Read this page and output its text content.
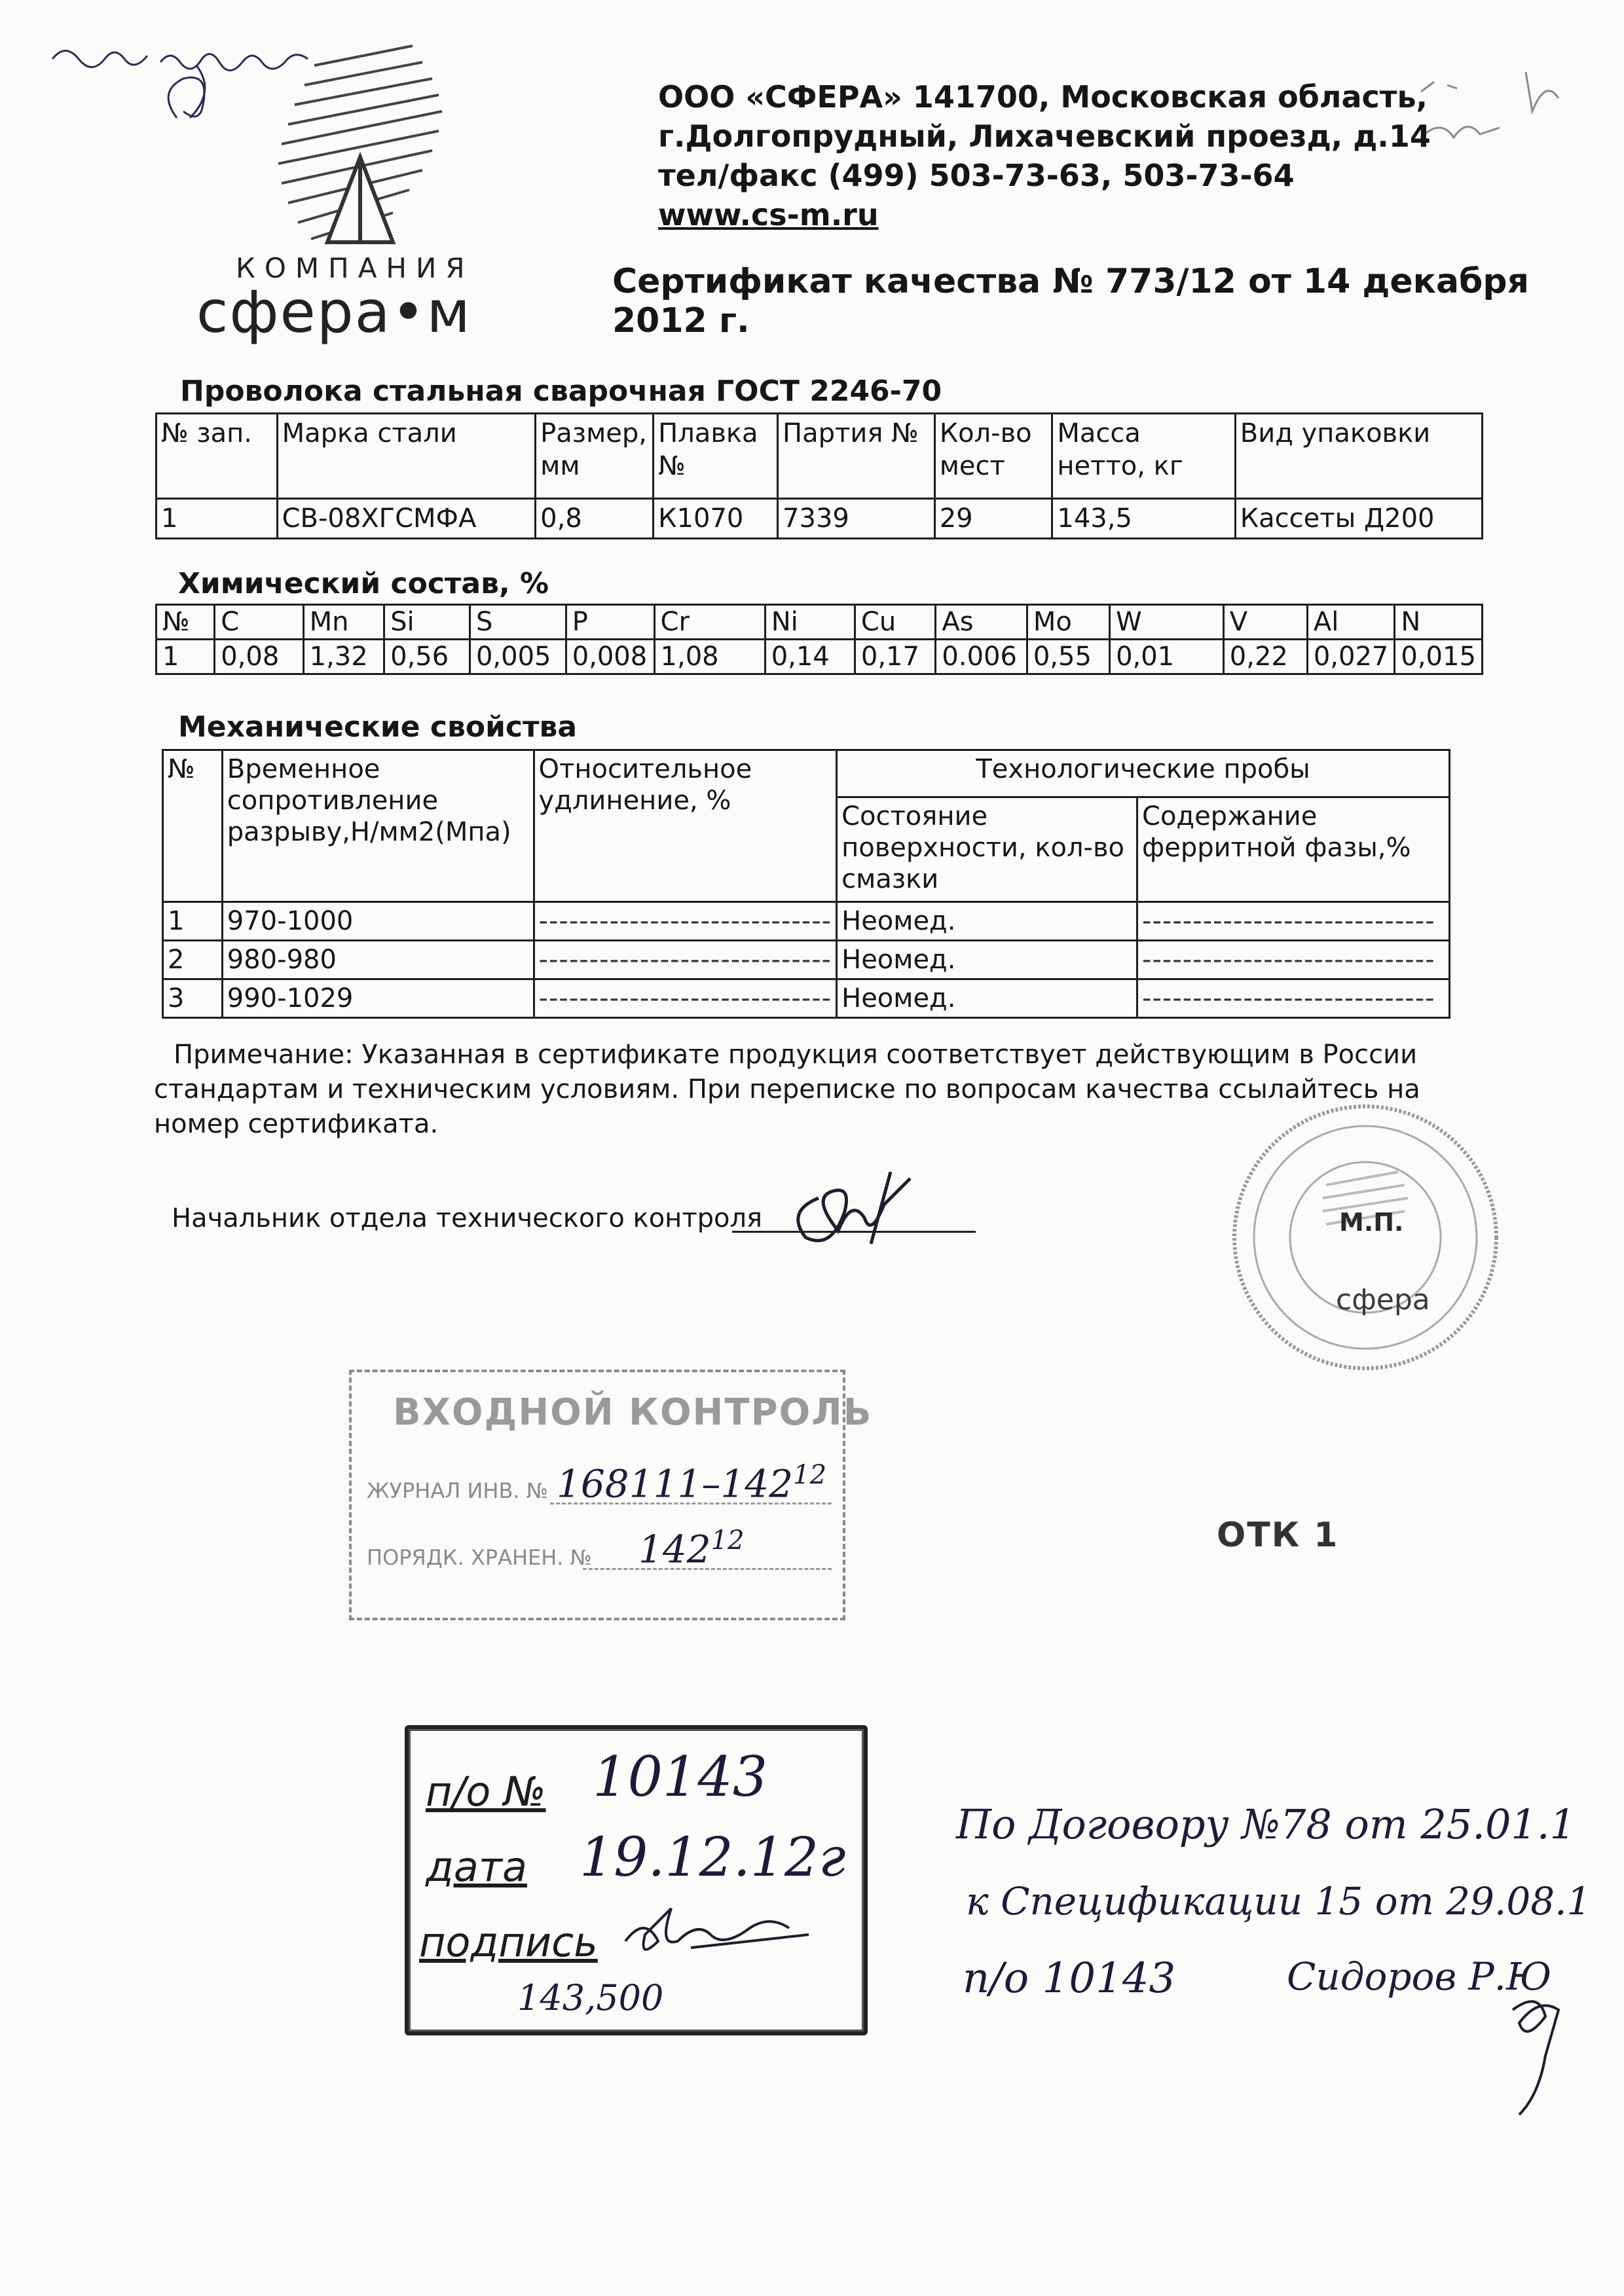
КОМПАНИЯ
сфера•м
ООО «СФЕРА» 141700, Московская область,
г.Долгопрудный, Лихачевский проезд, д.14
тел/факс (499) 503-73-63, 503-73-64
www.cs-m.ru
Сертификат качества № 773/12 от 14 декабря 2012 г.
Проволока стальная сварочная ГОСТ 2246-70
№ зап.	Марка стали	Размер, мм	Плавка №	Партия №	Кол-во мест	Масса нетто, кг	Вид упаковки
1	СВ-08ХГСМФА	0,8	К1070	7339	29	143,5	Кассеты Д200
Химический состав, %
№	C	Mn	Si	S	P	Cr	Ni	Cu	As	Mo	W	V	Al	N
1	0,08	1,32	0,56	0,005	0,008	1,08	0,14	0,17	0.006	0,55	0,01	0,22	0,027	0,015
Механические свойства
№	Временное сопротивление разрыву,Н/мм2(Мпа)	Относительное удлинение, %	Технологические пробы	
			Состояние поверхности, кол-во смазки	Содержание ферритной фазы,%
1	970-1000	-----------------------------	Неомед.	-----------------------------
2	980-980	-----------------------------	Неомед.	-----------------------------
3	990-1029	-----------------------------	Неомед.	-----------------------------
Примечание: Указанная в сертификате продукция соответствует действующим в России
стандартам и техническим условиям. При переписке по вопросам качества ссылайтесь на
номер сертификата.
Начальник отдела технического контроля	М.П.
сфера
ВХОДНОЙ КОНТРОЛЬ
ЖУРНАЛ ИНВ. №
ПОРЯДК. ХРАНЕН. №
$168111-142^{12}$
$142^{12}$	ОТК 1
п/о №
дата
подпись
10143
19.12.12г
143,500
По Договору №78 от 25.01.1
к Спецификации 15 от 29.08.1
п/о 10143	Сидоров Р.Ю
